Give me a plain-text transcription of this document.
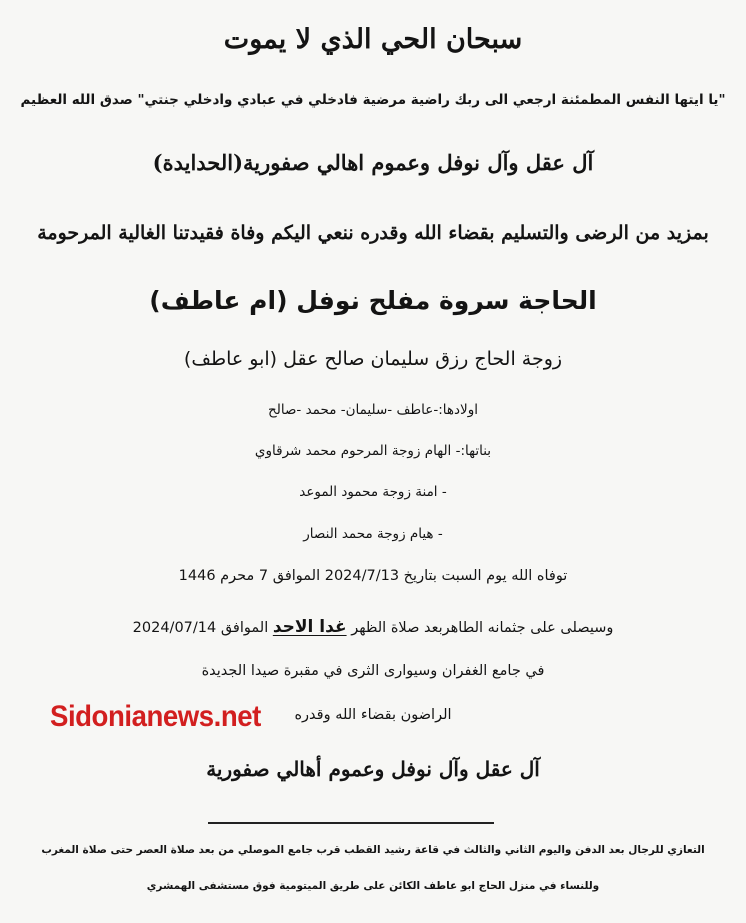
سبحان الحي الذي لا يموت
"يا ايتها النفس المطمئنة ارجعي الى ربك راضية مرضية فادخلي في عبادي وادخلي جنتي" صدق الله العظيم
آل عقل وآل نوفل وعموم اهالي صفورية(الحدايدة)
بمزيد من الرضى والتسليم بقضاء الله وقدره ننعي اليكم وفاة فقيدتنا الغالية المرحومة
الحاجة سروة مفلح نوفل (ام عاطف)
زوجة الحاج رزق سليمان صالح عقل (ابو عاطف)
اولادها:-عاطف -سليمان- محمد -صالح
بناتها:- الهام زوجة المرحوم محمد شرقاوي
- امنة زوجة محمود الموعد
- هيام زوجة محمد النصار
توفاه الله يوم السبت بتاريخ 2024/7/13 الموافق 7 محرم 1446
وسيصلى على جثمانه الطاهربعد صلاة الظهر غدا الاحد الموافق 2024/07/14
في جامع الغفران وسيوارى الثرى في مقبرة صيدا الجديدة
الراضون بقضاء الله وقدره
آل عقل وآل نوفل وعموم أهالي صفورية
التعازي للرجال بعد الدفن واليوم الثاني والثالث في قاعة رشيد القطب قرب جامع الموصلي من بعد صلاة العصر حتى صلاة المغرب
وللنساء في منزل الحاج ابو عاطف الكائن على طريق الميتومية فوق مستشفى الهمشري
Sidonianews.net
